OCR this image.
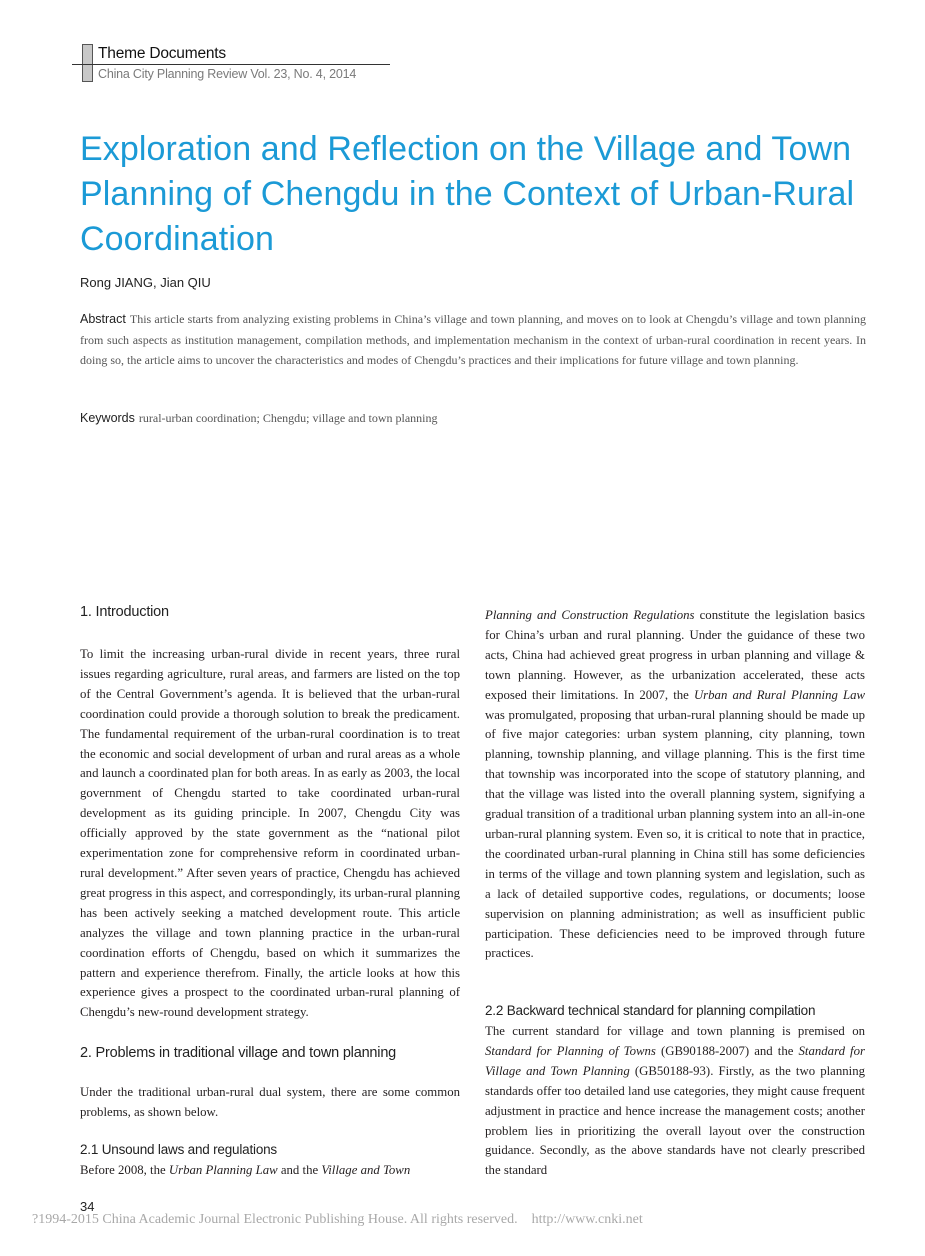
Theme Documents
China City Planning Review Vol. 23, No. 4, 2014
Exploration and Reflection on the Village and Town Planning of Chengdu in the Context of Urban-Rural Coordination
Rong JIANG, Jian QIU
Abstract This article starts from analyzing existing problems in China’s village and town planning, and moves on to look at Chengdu’s village and town planning from such aspects as institution management, compilation methods, and implementation mechanism in the context of urban-rural coordination in recent years. In doing so, the article aims to uncover the characteristics and modes of Chengdu’s practices and their implications for future village and town planning.
Keywords rural-urban coordination; Chengdu; village and town planning
1. Introduction
To limit the increasing urban-rural divide in recent years, three rural issues regarding agriculture, rural areas, and farmers are listed on the top of the Central Government’s agenda. It is believed that the urban-rural coordination could provide a thorough solution to break the predicament. The fundamental requirement of the urban-rural coordination is to treat the economic and social development of urban and rural areas as a whole and launch a coordinated plan for both areas. In as early as 2003, the local government of Chengdu started to take coordinated urban-rural development as its guiding principle. In 2007, Chengdu City was officially approved by the state government as the “national pilot experimentation zone for comprehensive reform in coordinated urban-rural development.” After seven years of practice, Chengdu has achieved great progress in this aspect, and correspondingly, its urban-rural planning has been actively seeking a matched development route. This article analyzes the village and town planning practice in the urban-rural coordination efforts of Chengdu, based on which it summarizes the pattern and experience therefrom. Finally, the article looks at how this experience gives a prospect to the coordinated urban-rural planning of Chengdu’s new-round development strategy.
2. Problems in traditional village and town planning
Under the traditional urban-rural dual system, there are some common problems, as shown below.
2.1 Unsound laws and regulations
Before 2008, the Urban Planning Law and the Village and Town
Planning and Construction Regulations constitute the legislation basics for China’s urban and rural planning. Under the guidance of these two acts, China had achieved great progress in urban planning and village & town planning. However, as the urbanization accelerated, these acts exposed their limitations. In 2007, the Urban and Rural Planning Law was promulgated, proposing that urban-rural planning should be made up of five major categories: urban system planning, city planning, town planning, township planning, and village planning. This is the first time that township was incorporated into the scope of statutory planning, and that the village was listed into the overall planning system, signifying a gradual transition of a traditional urban planning system into an all-in-one urban-rural planning system. Even so, it is critical to note that in practice, the coordinated urban-rural planning in China still has some deficiencies in terms of the village and town planning system and legislation, such as a lack of detailed supportive codes, regulations, or documents; loose supervision on planning administration; as well as insufficient public participation. These deficiencies need to be improved through future practices.
2.2 Backward technical standard for planning compilation
The current standard for village and town planning is premised on Standard for Planning of Towns (GB90188-2007) and the Standard for Village and Town Planning (GB50188-93). Firstly, as the two planning standards offer too detailed land use categories, they might cause frequent adjustment in practice and hence increase the management costs; another problem lies in prioritizing the overall layout over the construction guidance. Secondly, as the above standards have not clearly prescribed the standard
34
?1994-2015 China Academic Journal Electronic Publishing House. All rights reserved.    http://www.cnki.net
